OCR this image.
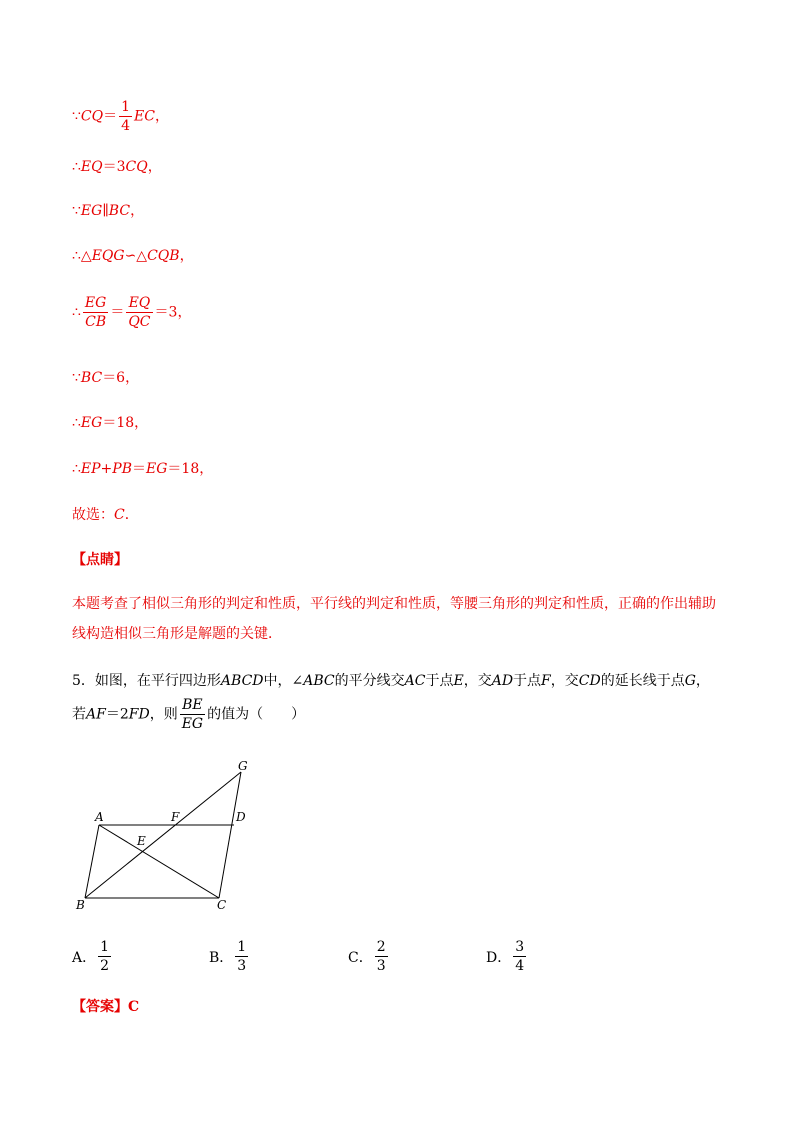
∵CQ＝ $\frac{1}{4}$ EC，
∴EQ＝3CQ，
∵EG∥BC，
∴△EQG∽△CQB，
∴ $\frac{EG}{CB} = \frac{EQ}{QC} =3$，
∵BC＝6，
∴EG＝18，
∴EP+PB＝EG＝18，
故选：C．
【点睛】
本题考查了相似三角形的判定和性质，平行线的判定和性质，等腰三角形的判定和性质，正确的作出辅助线构造相似三角形是解题的关键．
5．如图，在平行四边形ABCD中，∠ABC的平分线交AC于点E，交AD于点F，交CD的延长线于点G，
若AF＝2FD，则 $\frac{BE}{EG}$ 的值为（　　）
G
A	F	D
E
B	C
A． $\frac{1}{2}$	B． $\frac{1}{3}$	C． $\frac{2}{3}$	D． $\frac{3}{4}$
【答案】C
